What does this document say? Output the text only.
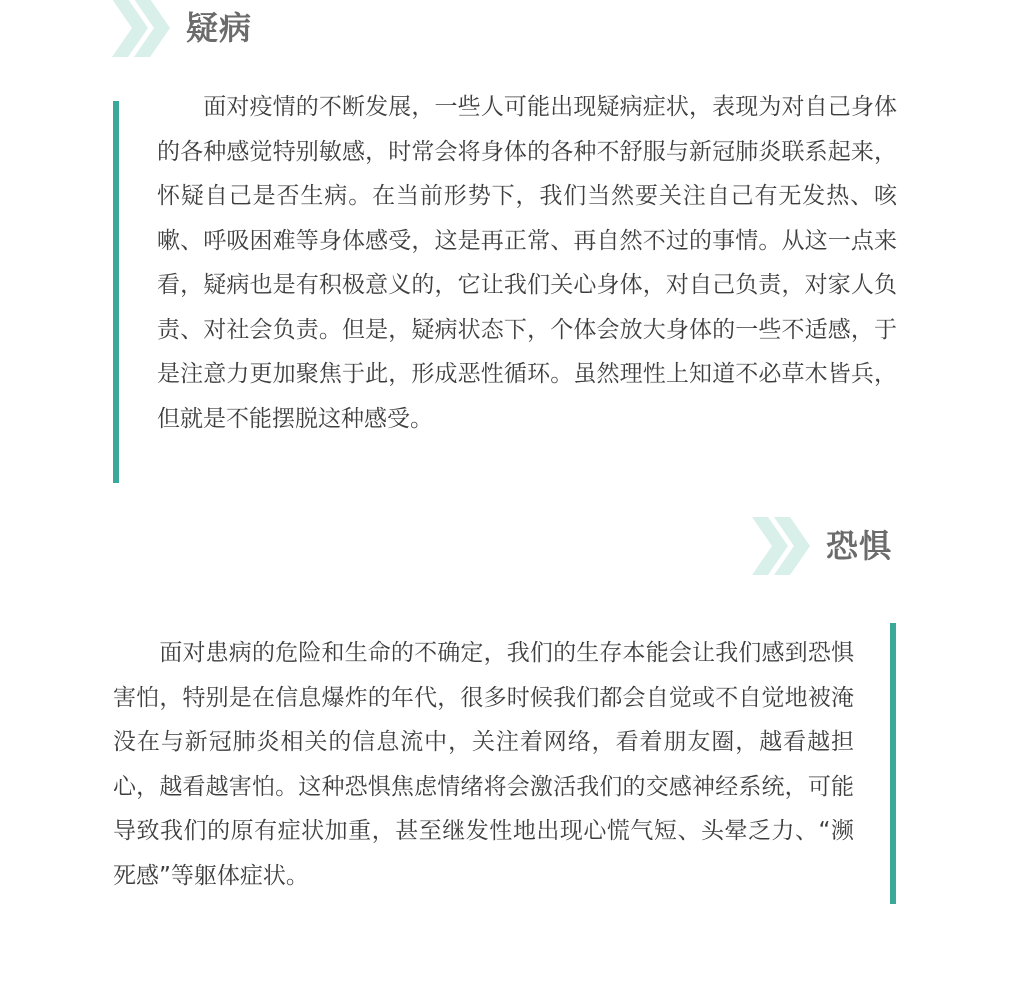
疑病

　　面对疫情的不断发展，一些人可能出现疑病症状，表现为对自己身体的各种感觉特别敏感，时常会将身体的各种不舒服与新冠肺炎联系起来，怀疑自己是否生病。在当前形势下，我们当然要关注自己有无发热、咳嗽、呼吸困难等身体感受，这是再正常、再自然不过的事情。从这一点来看，疑病也是有积极意义的，它让我们关心身体，对自己负责，对家人负责、对社会负责。但是，疑病状态下，个体会放大身体的一些不适感，于是注意力更加聚焦于此，形成恶性循环。虽然理性上知道不必草木皆兵，但就是不能摆脱这种感受。

恐惧

　　面对患病的危险和生命的不确定，我们的生存本能会让我们感到恐惧害怕，特别是在信息爆炸的年代，很多时候我们都会自觉或不自觉地被淹没在与新冠肺炎相关的信息流中，关注着网络，看着朋友圈，越看越担心，越看越害怕。这种恐惧焦虑情绪将会激活我们的交感神经系统，可能导致我们的原有症状加重，甚至继发性地出现心慌气短、头晕乏力、“濒死感”等躯体症状。
